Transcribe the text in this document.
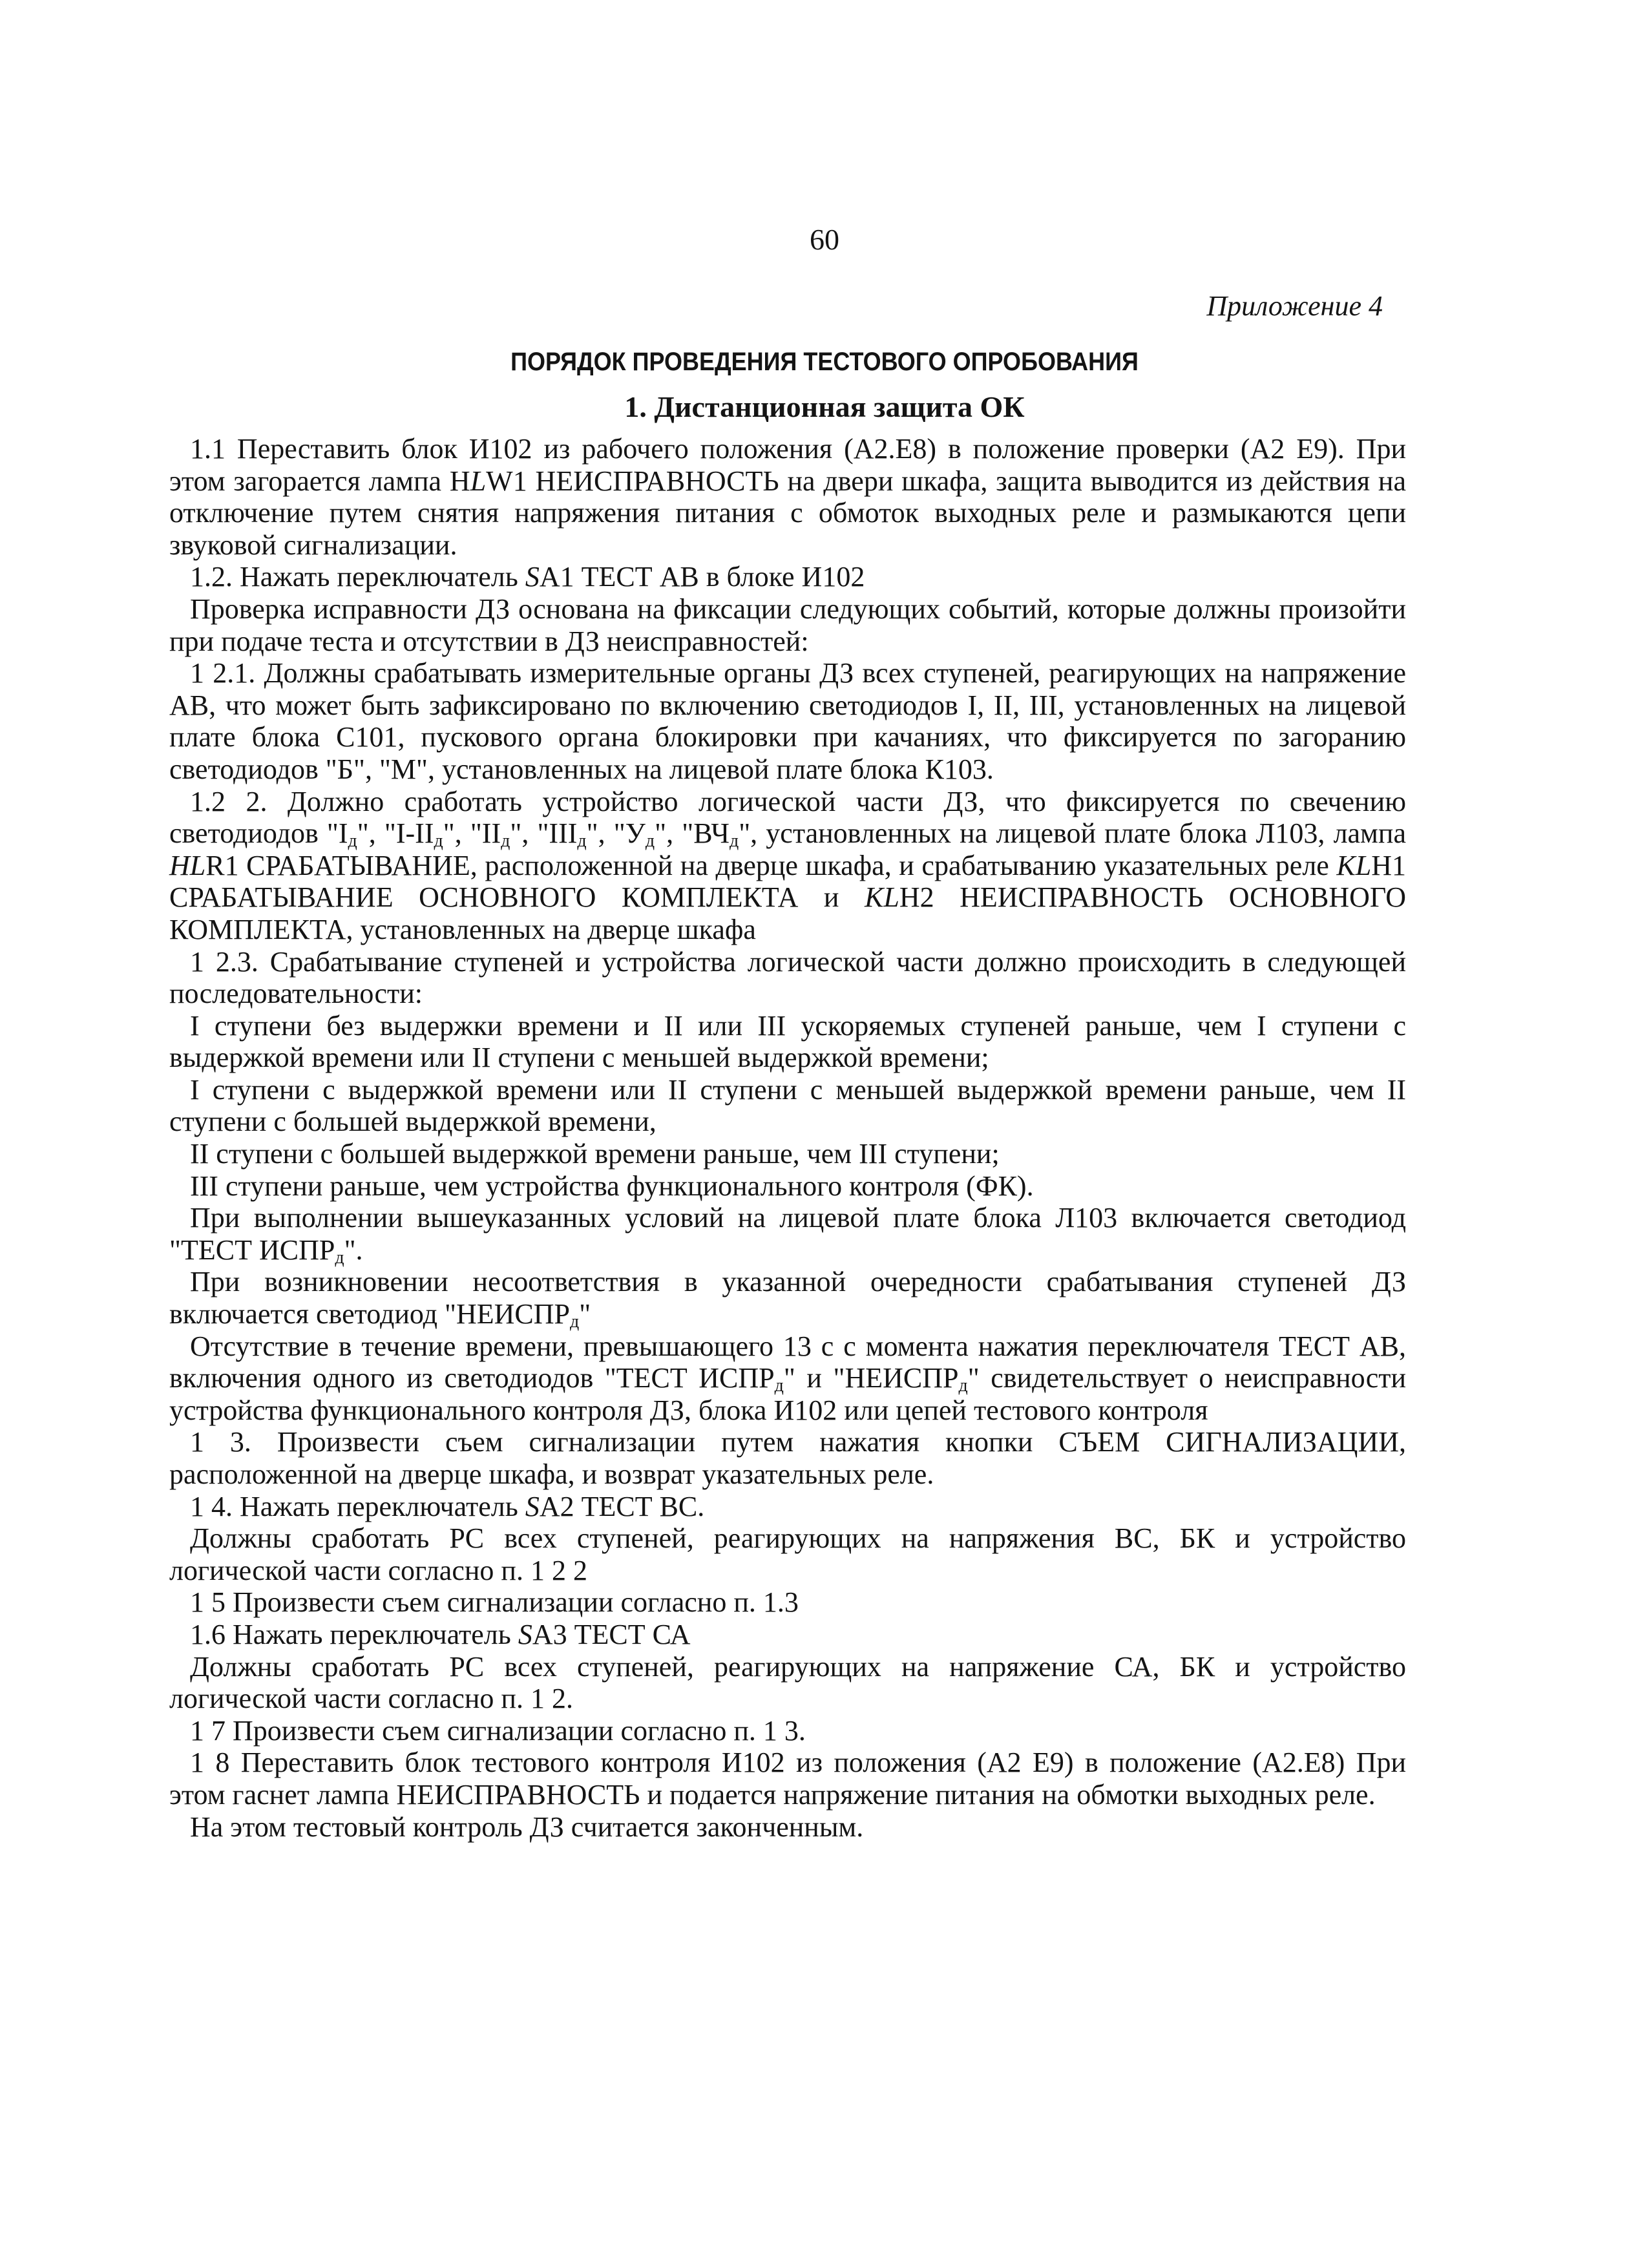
60
Приложение 4
ПОРЯДОК ПРОВЕДЕНИЯ ТЕСТОВОГО ОПРОБОВАНИЯ
1. Дистанционная защита ОК

1.1 Переставить блок И102 из рабочего положения (А2.Е8) в положение проверки (А2 Е9). При этом загорается лампа HLW1 НЕИСПРАВНОСТЬ на двери шкафа, защита выводится из действия на отключение путем снятия напряжения питания с обмоток выходных реле и размыкаются цепи звуковой сигнализации.

1.2. Нажать переключатель SA1 ТЕСТ АВ в блоке И102

Проверка исправности ДЗ основана на фиксации следующих событий, которые должны произойти при подаче теста и отсутствии в ДЗ неисправностей:

1 2.1. Должны срабатывать измерительные органы ДЗ всех ступеней, реагирующих на напряжение АВ, что может быть зафиксировано по включению светодиодов I, II, III, установленных на лицевой плате блока С101, пускового органа блокировки при качаниях, что фиксируется по загоранию светодиодов "Б", "М", установленных на лицевой плате блока К103.

1.2 2. Должно сработать устройство логической части ДЗ, что фиксируется по свечению светодиодов "$I_д$", "$I-II_д$", "$II_д$", "$III_д$", "$У_д$", "$ВЧ_д$", установленных на лицевой плате блока Л103, лампа HLR1 СРАБАТЫВАНИЕ, расположенной на дверце шкафа, и срабатыванию указательных реле KLH1 СРАБАТЫВАНИЕ ОСНОВНОГО КОМПЛЕКТА и KLH2 НЕИСПРАВНОСТЬ ОСНОВНОГО КОМПЛЕКТА, установленных на дверце шкафа

1 2.3. Срабатывание ступеней и устройства логической части должно происходить в следующей последовательности:

I ступени без выдержки времени и II или III ускоряемых ступеней раньше, чем I ступени с выдержкой времени или II ступени с меньшей выдержкой времени;

I ступени с выдержкой времени или II ступени с меньшей выдержкой времени раньше, чем II ступени с большей выдержкой времени,

II ступени с большей выдержкой времени раньше, чем III ступени;

III ступени раньше, чем устройства функционального контроля (ФК).

При выполнении вышеуказанных условий на лицевой плате блока Л103 включается светодиод "ТЕСТ $ИСПР_д$".

При возникновении несоответствия в указанной очередности срабатывания ступеней ДЗ включается светодиод "$НЕИСПР_д$"

Отсутствие в течение времени, превышающего 13 с с момента нажатия переключателя ТЕСТ АВ, включения одного из светодиодов "ТЕСТ $ИСПР_д$" и "$НЕИСПР_д$" свидетельствует о неисправности устройства функционального контроля ДЗ, блока И102 или цепей тестового контроля

1 3. Произвести съем сигнализации путем нажатия кнопки СЪЕМ СИГНАЛИЗАЦИИ, расположенной на дверце шкафа, и возврат указательных реле.

1 4. Нажать переключатель SA2 ТЕСТ ВС.

Должны сработать PC всех ступеней, реагирующих на напряжения ВС, БК и устройство логической части согласно п. 1 2 2

1 5 Произвести съем сигнализации согласно п. 1.3

1.6 Нажать переключатель SA3 ТЕСТ СА

Должны сработать PC всех ступеней, реагирующих на напряжение СА, БК и устройство логической части согласно п. 1 2.

1 7 Произвести съем сигнализации согласно п. 1 3.

1 8 Переставить блок тестового контроля И102 из положения (А2 Е9) в положение (А2.Е8) При этом гаснет лампа НЕИСПРАВНОСТЬ и подается напряжение питания на обмотки выходных реле.

На этом тестовый контроль ДЗ считается законченным.
